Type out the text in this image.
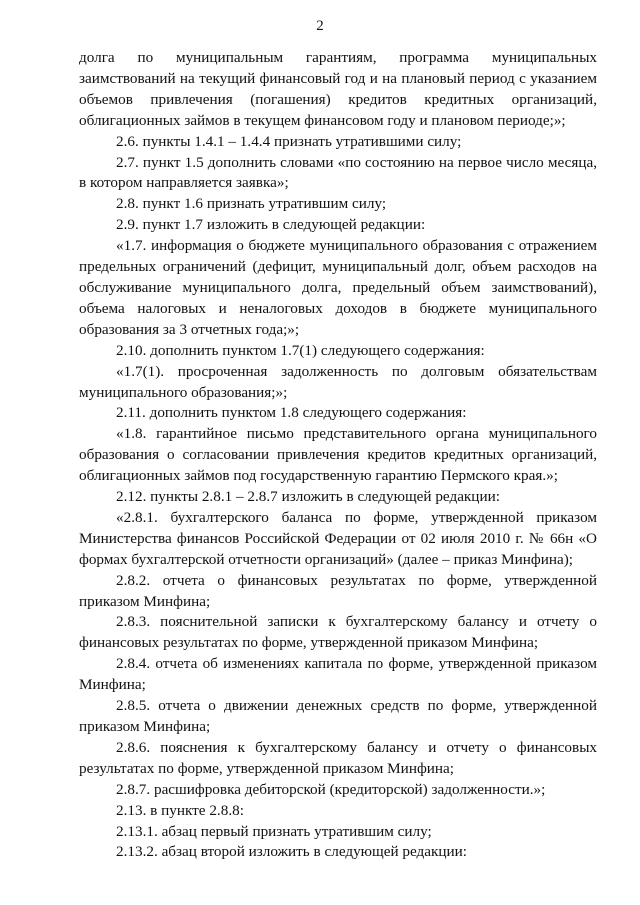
2

долга по муниципальным гарантиям, программа муниципальных заимствований на текущий финансовый год и на плановый период с указанием объемов привлечения (погашения) кредитов кредитных организаций, облигационных займов в текущем финансовом году и плановом периоде;»;

2.6. пункты 1.4.1 – 1.4.4 признать утратившими силу;

2.7. пункт 1.5 дополнить словами «по состоянию на первое число месяца, в котором направляется заявка»;

2.8. пункт 1.6 признать утратившим силу;

2.9. пункт 1.7 изложить в следующей редакции:

«1.7. информация о бюджете муниципального образования с отражением предельных ограничений (дефицит, муниципальный долг, объем расходов на обслуживание муниципального долга, предельный объем заимствований), объема налоговых и неналоговых доходов в бюджете муниципального образования за 3 отчетных года;»;

2.10. дополнить пунктом 1.7(1) следующего содержания:

«1.7(1). просроченная задолженность по долговым обязательствам муниципального образования;»;

2.11. дополнить пунктом 1.8 следующего содержания:

«1.8. гарантийное письмо представительного органа муниципального образования о согласовании привлечения кредитов кредитных организаций, облигационных займов под государственную гарантию Пермского края.»;

2.12. пункты 2.8.1 – 2.8.7 изложить в следующей редакции:

«2.8.1. бухгалтерского баланса по форме, утвержденной приказом Министерства финансов Российской Федерации от 02 июля 2010 г. № 66н «О формах бухгалтерской отчетности организаций» (далее – приказ Минфина);

2.8.2. отчета о финансовых результатах по форме, утвержденной приказом Минфина;

2.8.3. пояснительной записки к бухгалтерскому балансу и отчету о финансовых результатах по форме, утвержденной приказом Минфина;

2.8.4. отчета об изменениях капитала по форме, утвержденной приказом Минфина;

2.8.5. отчета о движении денежных средств по форме, утвержденной приказом Минфина;

2.8.6. пояснения к бухгалтерскому балансу и отчету о финансовых результатах по форме, утвержденной приказом Минфина;

2.8.7. расшифровка дебиторской (кредиторской) задолженности.»;

2.13. в пункте 2.8.8:

2.13.1. абзац первый признать утратившим силу;

2.13.2. абзац второй изложить в следующей редакции:
